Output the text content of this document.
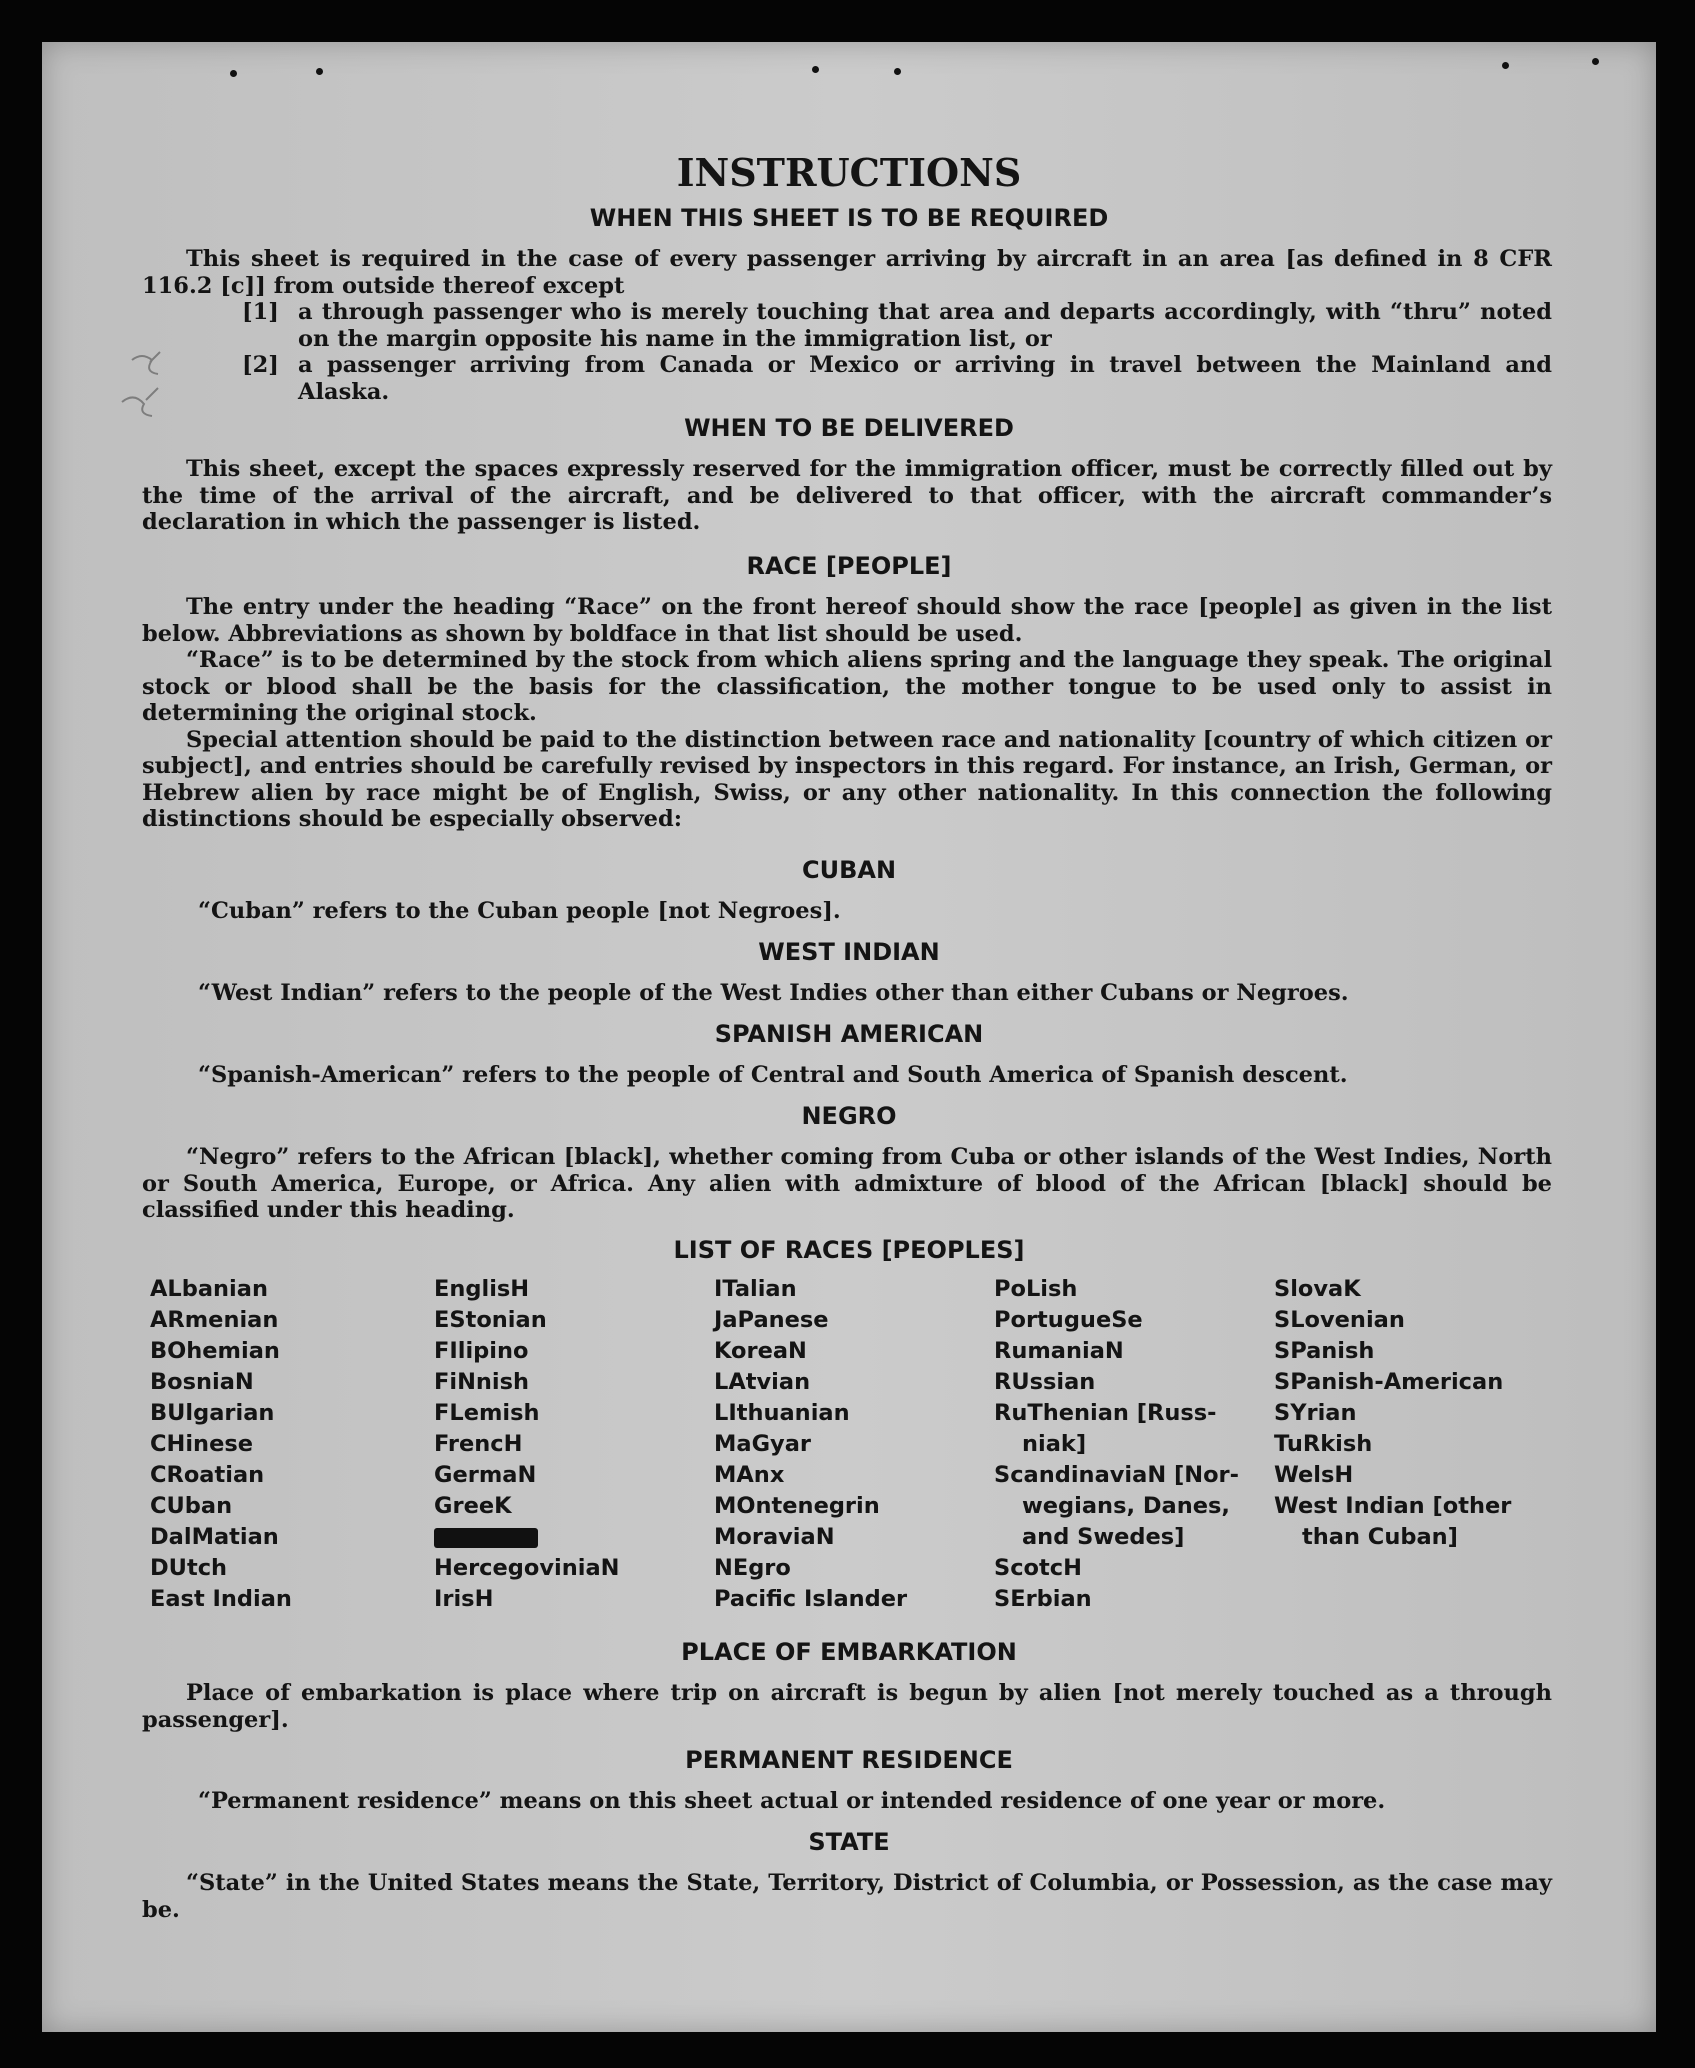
INSTRUCTIONS
WHEN THIS SHEET IS TO BE REQUIRED

This sheet is required in the case of every passenger arriving by aircraft in an area [as defined in 8 CFR 116.2 [c]] from outside thereof except

[1] a through passenger who is merely touching that area and departs accordingly, with “thru” noted on the margin opposite his name in the immigration list, or
[2] a passenger arriving from Canada or Mexico or arriving in travel between the Mainland and Alaska.
WHEN TO BE DELIVERED

This sheet, except the spaces expressly reserved for the immigration officer, must be correctly filled out by the time of the arrival of the aircraft, and be delivered to that officer, with the aircraft commander’s declaration in which the passenger is listed.

RACE [PEOPLE]

The entry under the heading “Race” on the front hereof should show the race [people] as given in the list below. Abbreviations as shown by boldface in that list should be used.

“Race” is to be determined by the stock from which aliens spring and the language they speak. The original stock or blood shall be the basis for the classification, the mother tongue to be used only to assist in determining the original stock.

Special attention should be paid to the distinction between race and nationality [country of which citizen or subject], and entries should be carefully revised by inspectors in this regard. For instance, an Irish, German, or Hebrew alien by race might be of English, Swiss, or any other nationality. In this connection the following distinctions should be especially observed:

CUBAN
“Cuban” refers to the Cuban people [not Negroes].
WEST INDIAN
“West Indian” refers to the people of the West Indies other than either Cubans or Negroes.
SPANISH AMERICAN
“Spanish-American” refers to the people of Central and South America of Spanish descent.
NEGRO

“Negro” refers to the African [black], whether coming from Cuba or other islands of the West Indies, North or South America, Europe, or Africa. Any alien with admixture of blood of the African [black] should be classified under this heading.

LIST OF RACES [PEOPLES]
ALbanian
ARmenian
BOhemian
BosniaN
BUlgarian
CHinese
CRoatian
CUban
DalMatian
DUtch
East Indian
EnglisH
EStonian
FIlipino
FiNnish
FLemish
FrencH
GermaN
GreeK
HercegoviniaN
IrisH
ITalian
JaPanese
KoreaN
LAtvian
LIthuanian
MaGyar
MAnx
MOntenegrin
MoraviaN
NEgro
Pacific Islander
PoLish
PortugueSe
RumaniaN
RUssian
RuThenian [Russ-
niak]
ScandinaviaN [Nor-
wegians, Danes,
and Swedes]
ScotcH
SErbian
SlovaK
SLovenian
SPanish
SPanish-American
SYrian
TuRkish
WelsH
West Indian [other
than Cuban]
PLACE OF EMBARKATION

Place of embarkation is place where trip on aircraft is begun by alien [not merely touched as a through passenger].

PERMANENT RESIDENCE
“Permanent residence” means on this sheet actual or intended residence of one year or more.
STATE

“State” in the United States means the State, Territory, District of Columbia, or Possession, as the case may be.
